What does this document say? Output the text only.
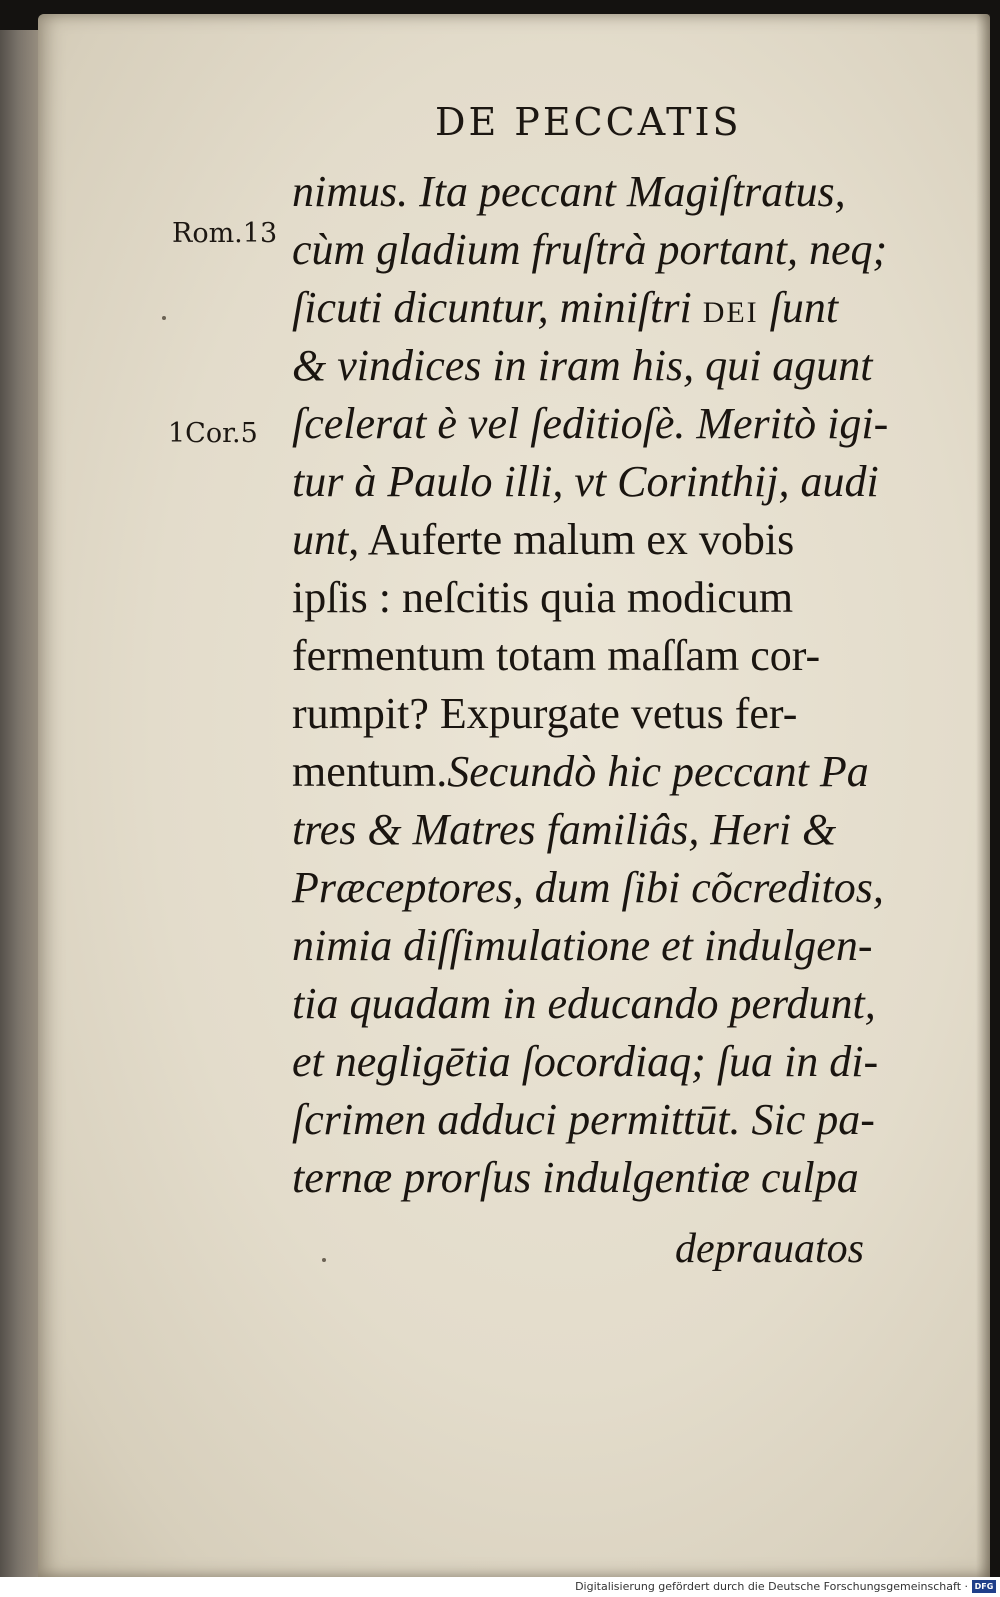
DE PECCATIS
Rom.13
1Cor.5
nimus. Ita peccant Magiſtratus,
cùm gladium fruſtrà portant, neq;
ſicuti dicuntur, miniſtri DEI ſunt
& vindices in iram his, qui agunt
ſcelerat è vel ſeditioſè. Meritò igi-
tur à Paulo illi, vt Corinthij, audi
unt, Auferte malum ex vobis
ipſis : neſcitis quia modicum
fermentum totam maſſam cor-
rumpit? Expurgate vetus fer-
mentum.Secundò hic peccant Pa
tres & Matres familiâs, Heri &
Præceptores, dum ſibi cõcreditos,
nimia diſſimulatione et indulgen-
tia quadam in educando perdunt,
et negligētia ſocordiaq; ſua in di-
ſcrimen adduci permittūt. Sic pa-
ternæ prorſus indulgentiæ culpa
deprauatos
Digitalisierung gefördert durch die Deutsche Forschungsgemeinschaft · DFG
